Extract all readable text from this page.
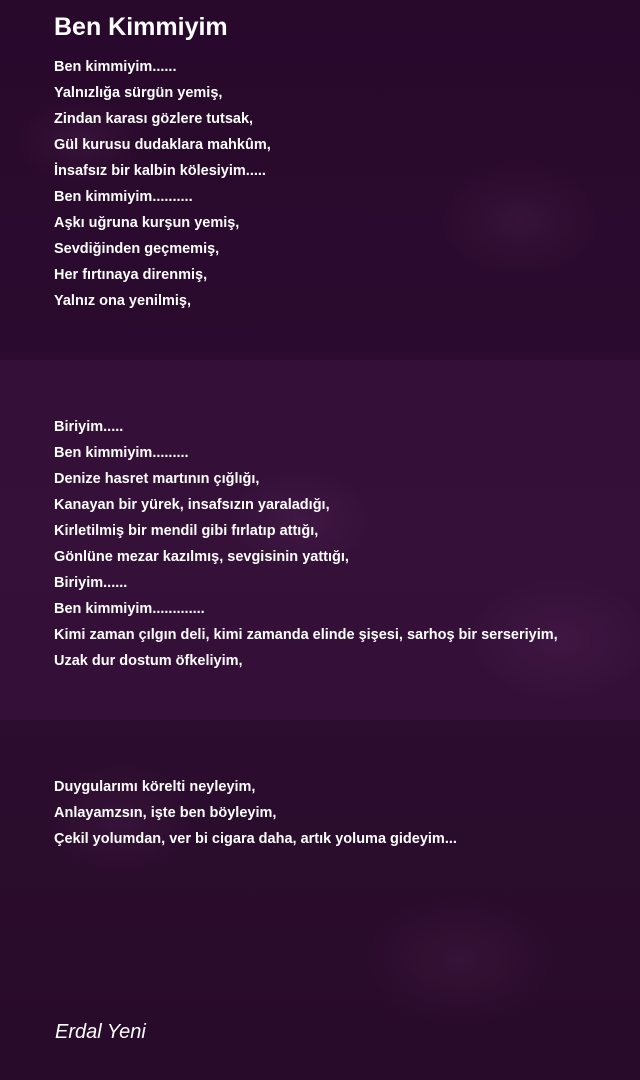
Ben Kimmiyim
Ben kimmiyim......
Yalnızlığa sürgün yemiş,
Zindan karası gözlere tutsak,
Gül kurusu dudaklara mahkûm,
İnsafsız bir kalbin kölesiyim.....
Ben kimmiyim..........
Aşkı uğruna kurşun yemiş,
Sevdiğinden geçmemiş,
Her fırtınaya direnmiş,
Yalnız ona yenilmiş,
Biriyim.....
Ben kimmiyim.........
Denize hasret martının çığlığı,
Kanayan bir yürek, insafsızın yaraladığı,
Kirletilmiş bir mendil gibi fırlatıp attığı,
Gönlüne mezar kazılmış, sevgisinin yattığı,
Biriyim......
Ben kimmiyim.............
Kimi zaman çılgın deli, kimi zamanda elinde şişesi, sarhoş bir serseriyim,
Uzak dur dostum öfkeliyim,
Duygularımı körelti neyleyim,
Anlayamzsın, işte ben böyleyim,
Çekil yolumdan, ver bi cigara daha, artık yoluma gideyim...

Erdal Yeni
